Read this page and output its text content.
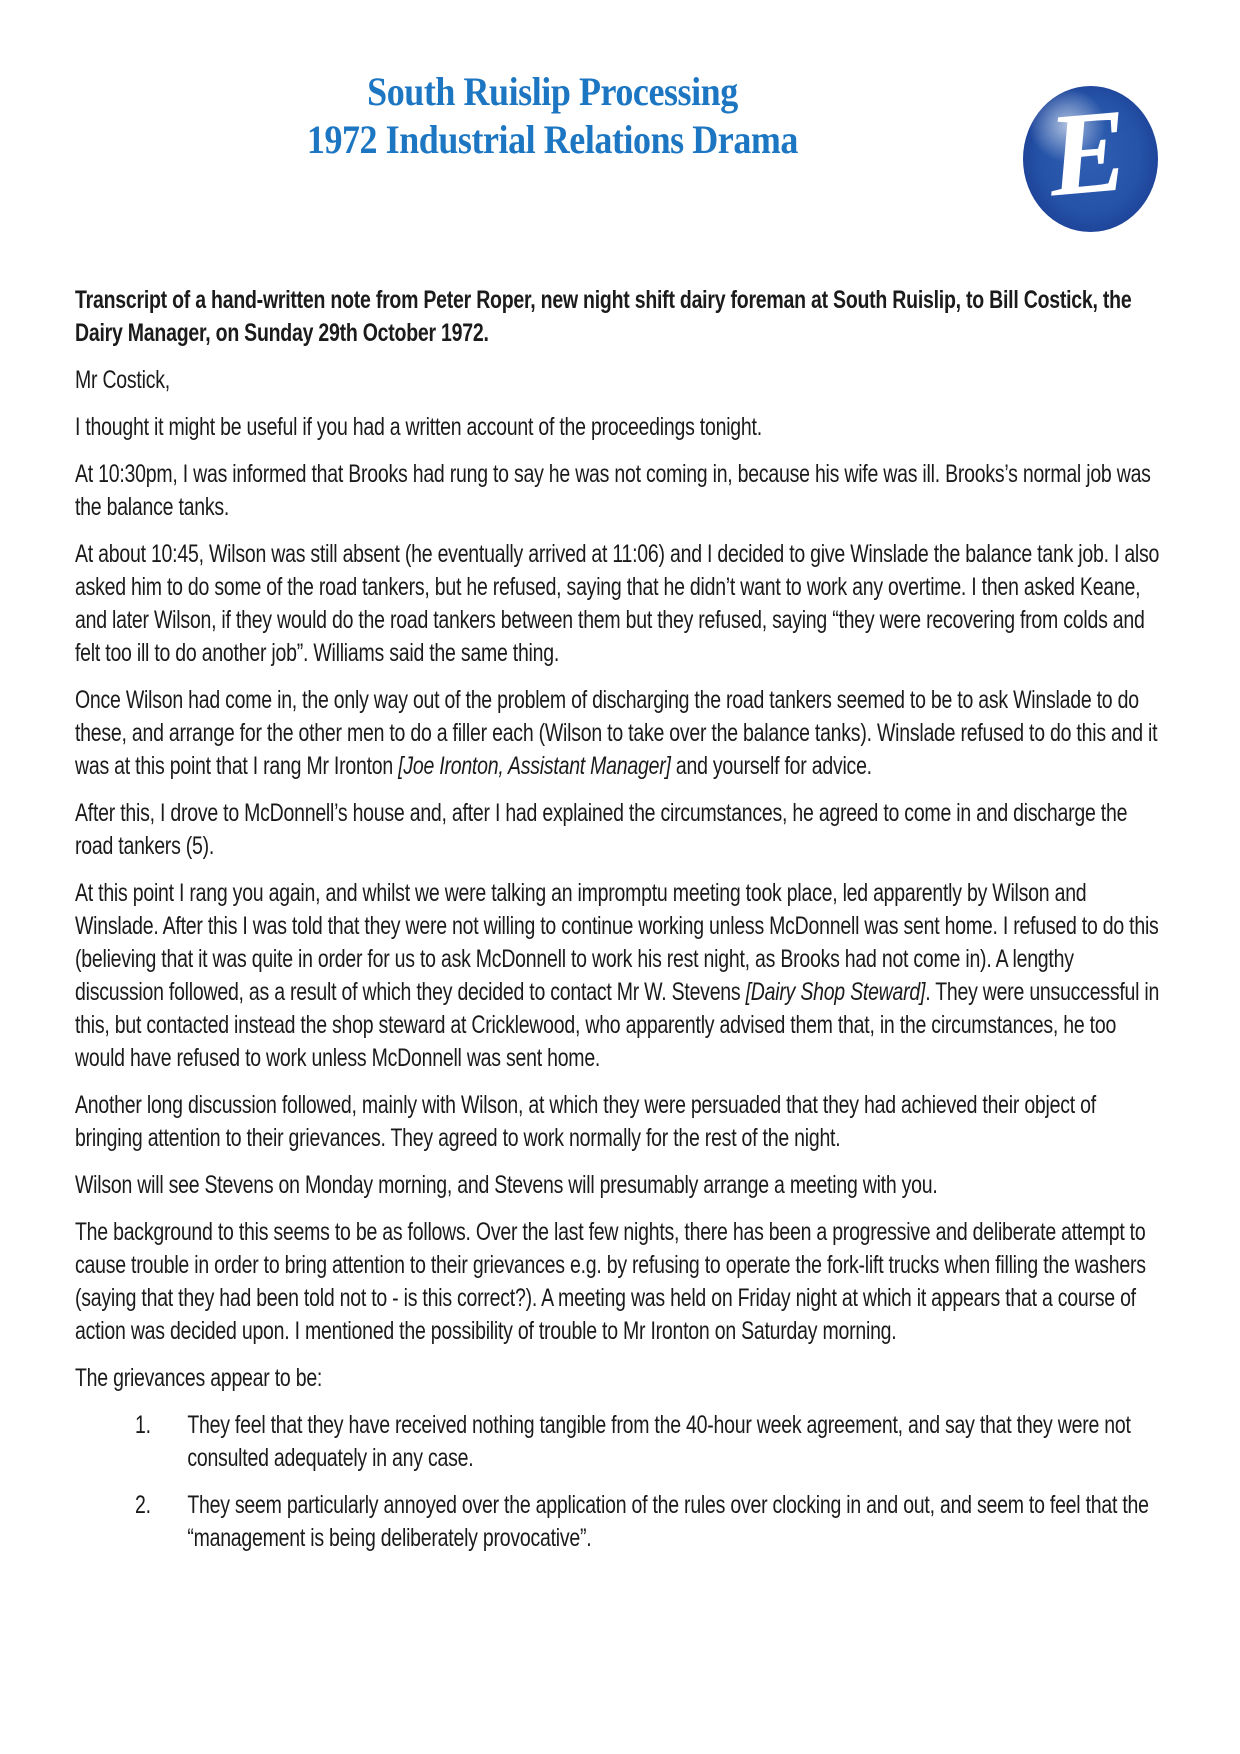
South Ruislip Processing
1972 Industrial Relations Drama	E
Transcript of a hand-written note from Peter Roper, new night shift dairy foreman at South Ruislip, to Bill Costick, the Dairy Manager, on Sunday 29th October 1972.
Mr Costick,
I thought it might be useful if you had a written account of the proceedings tonight.
At 10:30pm, I was informed that Brooks had rung to say he was not coming in, because his wife was ill. Brooks’s normal job was the balance tanks.
At about 10:45, Wilson was still absent (he eventually arrived at 11:06) and I decided to give Winslade the balance tank job. I also asked him to do some of the road tankers, but he refused, saying that he didn’t want to work any overtime. I then asked Keane, and later Wilson, if they would do the road tankers between them but they refused, saying “they were recovering from colds and felt too ill to do another job”. Williams said the same thing.
Once Wilson had come in, the only way out of the problem of discharging the road tankers seemed to be to ask Winslade to do these, and arrange for the other men to do a filler each (Wilson to take over the balance tanks). Winslade refused to do this and it was at this point that I rang Mr Ironton [Joe Ironton, Assistant Manager] and yourself for advice.
After this, I drove to McDonnell’s house and, after I had explained the circumstances, he agreed to come in and discharge the road tankers (5).
At this point I rang you again, and whilst we were talking an impromptu meeting took place, led apparently by Wilson and Winslade. After this I was told that they were not willing to continue working unless McDonnell was sent home. I refused to do this (believing that it was quite in order for us to ask McDonnell to work his rest night, as Brooks had not come in). A lengthy discussion followed, as a result of which they decided to contact Mr W. Stevens [Dairy Shop Steward]. They were unsuccessful in this, but contacted instead the shop steward at Cricklewood, who apparently advised them that, in the circumstances, he too would have refused to work unless McDonnell was sent home.
Another long discussion followed, mainly with Wilson, at which they were persuaded that they had achieved their object of bringing attention to their grievances. They agreed to work normally for the rest of the night.
Wilson will see Stevens on Monday morning, and Stevens will presumably arrange a meeting with you.
The background to this seems to be as follows. Over the last few nights, there has been a progressive and deliberate attempt to cause trouble in order to bring attention to their grievances e.g. by refusing to operate the fork-lift trucks when filling the washers (saying that they had been told not to - is this correct?). A meeting was held on Friday night at which it appears that a course of action was decided upon. I mentioned the possibility of trouble to Mr Ironton on Saturday morning.
The grievances appear to be:
1.	They feel that they have received nothing tangible from the 40-hour week agreement, and say that they were not consulted adequately in any case.
2.	They seem particularly annoyed over the application of the rules over clocking in and out, and seem to feel that the “management is being deliberately provocative”.
